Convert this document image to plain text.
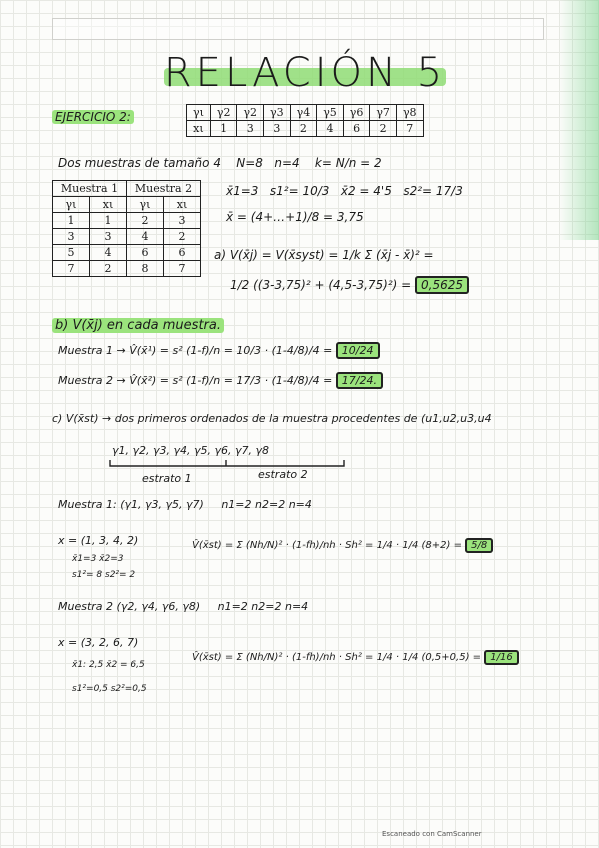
RELACIÓN 5
EJERCICIO 2:	γι	γ2	γ2	γ3	γ4	γ5	γ6	γ7	γ8
xι	1	3	3	2	4	6	2	7
Dos muestras de tamaño 4 N=8 n=4 k= N/n = 2
Muestra 1		Muestra 2	
γι	xι	γι	xι
1	1	2	3
3	3	4	2
5	4	6	6
7	2	8	7
x̄1=3 s1²= 10/3 x̄2 = 4'5 s2²= 17/3
x̄ = (4+…+1)/8 = 3,75
a) V(x̄j) = V(x̄syst) = 1/k Σ (x̄j - x̄)² =
1/2 ((3-3,75)² + (4,5-3,75)²) = 0,5625
b) V(x̄j) en cada muestra.
Muestra 1 → V̂(x̄¹) = s² (1-f)/n = 10/3 · (1-4/8)/4 = 10/24
Muestra 2 → V̂(x̄²) = s² (1-f)/n = 17/3 · (1-4/8)/4 = 17/24.
c) V(x̄st) → dos primeros ordenados de la muestra procedentes de (u1,u2,u3,u4
γ1, γ2, γ3, γ4, γ5, γ6, γ7, γ8
estrato 1	estrato 2
Muestra 1: (γ1, γ3, γ5, γ7) n1=2 n2=2 n=4
x = (1, 3, 4, 2)
x̄1=3 x̄2=3
s1²= 8 s2²= 2
V̂(x̄st) = Σ (Nh/N)² · (1-fh)/nh · Sh² = 1/4 · 1/4 (8+2) = 5/8
Muestra 2 (γ2, γ4, γ6, γ8) n1=2 n2=2 n=4
x = (3, 2, 6, 7)
x̄1: 2,5 x̄2 = 6,5
s1²=0,5 s2²=0,5
V̂(x̄st) = Σ (Nh/N)² · (1-fh)/nh · Sh² = 1/4 · 1/4 (0,5+0,5) = 1/16
Escaneado con CamScanner
